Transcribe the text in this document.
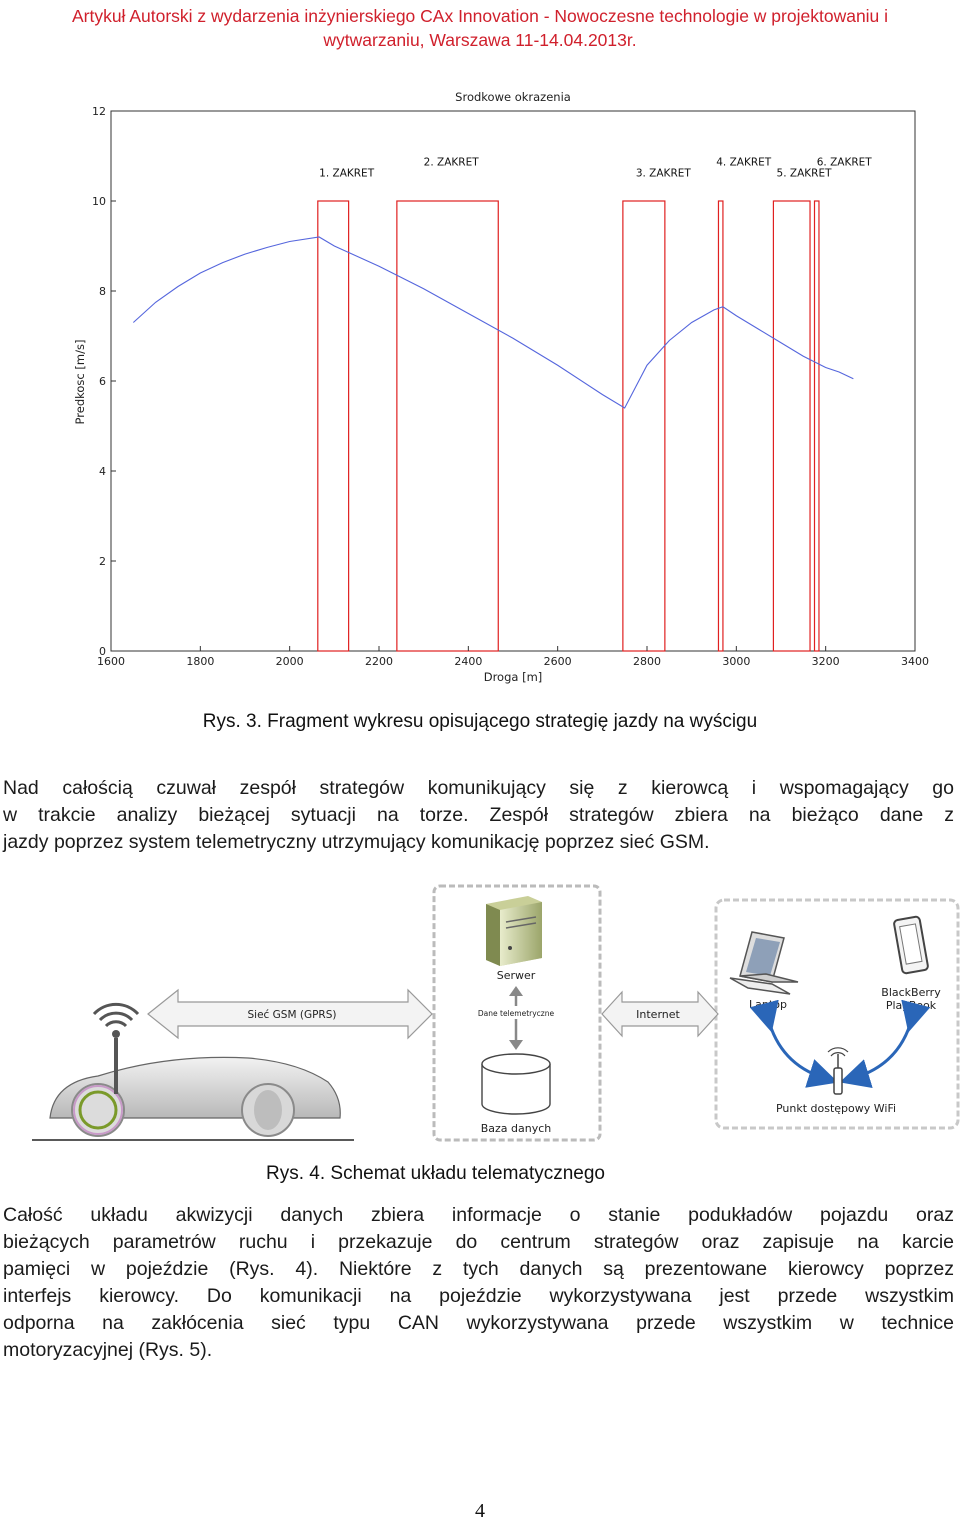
Artykuł Autorski z wydarzenia inżynierskiego CAx Innovation - Nowoczesne technologie w projektowaniu i
wytwarzaniu, Warszawa 11-14.04.2013r.
Srodkowe okrazenia
Droga [m]
Predkosc [m/s]
1. ZAKRET
2. ZAKRET
3. ZAKRET
4. ZAKRET
5. ZAKRET
6. ZAKRET
1600	1800	2000	2200	2400	2600	2800	3000	3200	3400
0
2
4
6
8
10
12
Rys. 3. Fragment wykresu opisującego strategię jazdy na wyścigu
Nad całością czuwał zespół strategów komunikujący się z kierowcą i wspomagający go
w trakcie analizy bieżącej sytuacji na torze. Zespół strategów zbiera na bieżąco dane z
jazdy poprzez system telemetryczny utrzymujący komunikację poprzez sieć GSM.
Sieć GSM (GPRS)	Internet
Serwer
Dane telemetryczne
Baza danych
Laptop
BlackBerry
PlayBook
Punkt dostępowy WiFi
Rys. 4. Schemat układu telematycznego
Całość układu akwizycji danych zbiera informacje o stanie podukładów pojazdu oraz
bieżących parametrów ruchu i przekazuje do centrum strategów oraz zapisuje na karcie
pamięci w pojeździe (Rys. 4). Niektóre z tych danych są prezentowane kierowcy poprzez
interfejs kierowcy. Do komunikacji na pojeździe wykorzystywana jest przede wszystkim
odporna na zakłócenia sieć typu CAN wykorzystywana przede wszystkim w technice
motoryzacyjnej (Rys. 5).
4
